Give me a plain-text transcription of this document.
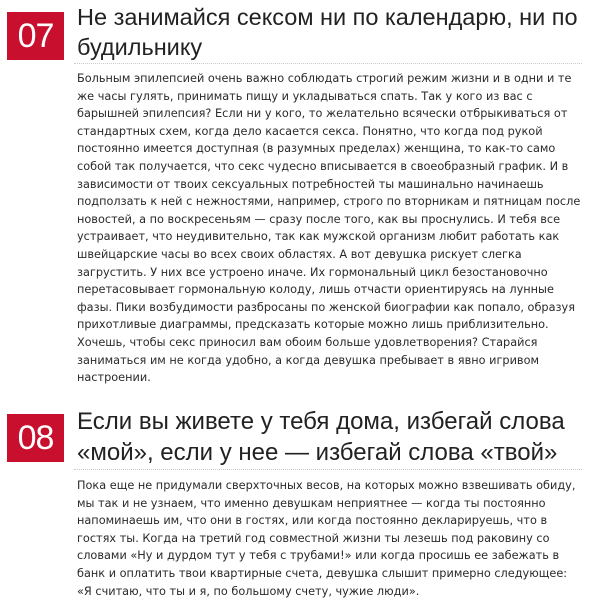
07	Не занимайся сексом ни по календарю, ни по будильнику

Больным эпилепсией очень важно соблюдать строгий режим жизни и в одни и те же часы гулять, принимать пищу и укладываться спать. Так у кого из вас с барышней эпилепсия? Если ни у кого, то желательно всячески отбрыкиваться от стандартных схем, когда дело касается секса. Понятно, что когда под рукой постоянно имеется доступная (в разумных пределах) женщина, то как-то само собой так получается, что секс чудесно вписывается в своеобразный график. И в зависимости от твоих сексуальных потребностей ты машинально начинаешь подползать к ней с нежностями, например, строго по вторникам и пятницам после новостей, а по воскресеньям — сразу после того, как вы проснулись. И тебя все устраивает, что неудивительно, так как мужской организм любит работать как швейцарские часы во всех своих областях. А вот девушка рискует слегка загрустить. У них все устроено иначе. Их гормональный цикл безостановочно перетасовывает гормональную колоду, лишь отчасти ориентируясь на лунные фазы. Пики возбудимости разбросаны по женской биографии как попало, образуя прихотливые диаграммы, предсказать которые можно лишь приблизительно. Хочешь, чтобы секс приносил вам обоим больше удовлетворения? Старайся заниматься им не когда удобно, а когда девушка пребывает в явно игривом настроении.

08 Если вы живете у тебя дома, избегай слова «мой», если у нее — избегай слова «твой»

Пока еще не придумали сверхточных весов, на которых можно взвешивать обиду, мы так и не узнаем, что именно девушкам неприятнее — когда ты постоянно напоминаешь им, что они в гостях, или когда постоянно декларируешь, что в гостях ты. Когда на третий год совместной жизни ты лезешь под раковину со словами «Ну и дурдом тут у тебя с трубами!» или когда просишь ее забежать в банк и оплатить твои квартирные счета, девушка слышит примерно следующее: «Я считаю, что ты и я, по большому счету, чужие люди».
